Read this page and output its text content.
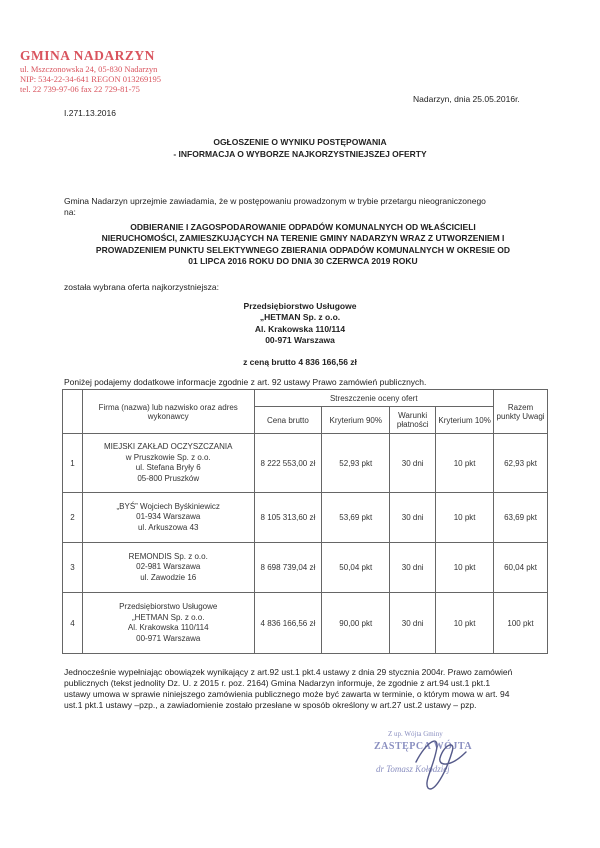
GMINA NADARZYN
ul. Mszczonowska 24, 05-830 Nadarzyn
NIP: 534-22-34-641 REGON 013269195
tel. 22 739-97-06 fax 22 729-81-75
Nadarzyn, dnia 25.05.2016r.
I.271.13.2016
OGŁOSZENIE O WYNIKU POSTĘPOWANIA
- INFORMACJA O WYBORZE NAJKORZYSTNIEJSZEJ OFERTY
Gmina Nadarzyn uprzejmie zawiadamia, że w postępowaniu prowadzonym w trybie przetargu nieograniczonego
na:
ODBIERANIE I ZAGOSPODAROWANIE ODPADÓW KOMUNALNYCH OD WŁAŚCICIELI
NIERUCHOMOŚCI, ZAMIESZKUJĄCYCH NA TERENIE GMINY NADARZYN WRAZ Z UTWORZENIEM I
PROWADZENIEM PUNKTU SELEKTYWNEGO ZBIERANIA ODPADÓW KOMUNALNYCH W OKRESIE OD
01 LIPCA 2016 ROKU DO DNIA 30 CZERWCA 2019 ROKU
została wybrana oferta najkorzystniejsza:
Przedsiębiorstwo Usługowe
„HETMAN Sp. z o.o.
Al. Krakowska 110/114
00-971 Warszawa
z ceną brutto 4 836 166,56 zł
Poniżej podajemy dodatkowe informacje zgodnie z art. 92 ustawy Prawo zamówień publicznych.
	Firma (nazwa) lub nazwisko oraz adres wykonawcy	Streszczenie oceny ofert				Razem punkty Uwagi
		Cena brutto	Kryterium 90%	Warunki płatności	Kryterium 10%	
1	MIEJSKI ZAKŁAD OCZYSZCZANIA
w Pruszkowie Sp. z o.o.
ul. Stefana Bryły 6
05-800 Pruszków	8 222 553,00 zł	52,93 pkt	30 dni	10 pkt	62,93 pkt
2	„BYŚ” Wojciech Byśkiniewicz
01-934 Warszawa
ul. Arkuszowa 43	8 105 313,60 zł	53,69 pkt	30 dni	10 pkt	63,69 pkt
3	REMONDIS Sp. z o.o.
02-981 Warszawa
ul. Zawodzie 16	8 698 739,04 zł	50,04 pkt	30 dni	10 pkt	60,04 pkt
4	Przedsiębiorstwo Usługowe
„HETMAN Sp. z o.o.
Al. Krakowska 110/114
00-971 Warszawa	4 836 166,56 zł	90,00 pkt	30 dni	10 pkt	100 pkt
Jednocześnie wypełniając obowiązek wynikający z art.92 ust.1 pkt.4 ustawy z dnia 29 stycznia 2004r. Prawo zamówień
publicznych (tekst jednolity Dz. U. z 2015 r. poz. 2164) Gmina Nadarzyn informuje, że zgodnie z art.94 ust.1 pkt.1
ustawy umowa w sprawie niniejszego zamówienia publicznego może być zawarta w terminie, o którym mowa w art. 94
ust.1 pkt.1 ustawy –pzp., a zawiadomienie zostało przesłane w sposób określony w art.27 ust.2 ustawy – pzp.
Z up. Wójta Gminy
ZASTĘPCA WÓJTA
dr Tomasz Kołodziej
